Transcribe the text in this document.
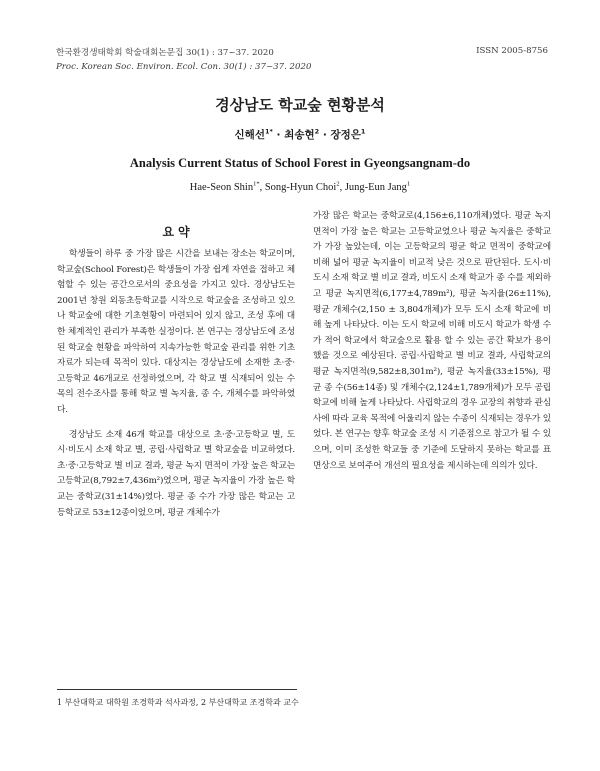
한국환경생태학회 학술대회논문집 30(1) : 37~37. 2020
Proc. Korean Soc. Environ. Ecol. Con. 30(1) : 37~37. 2020
ISSN 2005-8756
경상남도 학교숲 현황분석
신해선$^{1*}$ · 최송현$^2$ · 장정은$^1$
Analysis Current Status of School Forest in Gyeongsangnam-do
Hae-Seon Shin$^{1*}$, Song-Hyun Choi$^2$, Jung-Eun Jang$^1$
요 약

학생들이 하루 중 가장 많은 시간을 보내는 장소는 학교이며, 학교숲(School Forest)은 학생들이 가장 쉽게 자연을 접하고 체험할 수 있는 공간으로서의 중요성을 가지고 있다. 경상남도는 2001년 창원 외동초등학교를 시작으로 학교숲을 조성하고 있으나 학교숲에 대한 기초현황이 마련되어 있지 않고, 조성 후에 대한 체계적인 관리가 부족한 실정이다. 본 연구는 경상남도에 조성된 학교숲 현황을 파악하여 지속가능한 학교숲 관리를 위한 기초자료가 되는데 목적이 있다. 대상지는 경상남도에 소재한 초·중·고등학교 46개교로 선정하였으며, 각 학교 별 식재되어 있는 수목의 전수조사를 통해 학교 별 녹지율, 종 수, 개체수를 파악하였다.

경상남도 소재 46개 학교를 대상으로 초·중·고등학교 별, 도시·비도시 소재 학교 별, 공립·사립학교 별 학교숲을 비교하였다. 초·중·고등학교 별 비교 결과, 평균 녹지 면적이 가장 높은 학교는 고등학교(8,792±7,436m²)였으며, 평균 녹지율이 가장 높은 학교는 중학교(31±14%)였다. 평균 종 수가 가장 많은 학교는 고등학교로 53±12종이었으며, 평균 개체수가

가장 많은 학교는 중학교로(4,156±6,110개체)였다. 평균 녹지면적이 가장 높은 학교는 고등학교였으나 평균 녹지율은 중학교가 가장 높았는데, 이는 고등학교의 평균 학교 면적이 중학교에 비해 넓어 평균 녹지율이 비교적 낮은 것으로 판단된다. 도시·비도시 소재 학교 별 비교 결과, 비도시 소재 학교가 종 수를 제외하고 평균 녹지면적(6,177±4,789m²), 평균 녹지율(26±11%), 평균 개체수(2,150 ± 3,804개체)가 모두 도시 소재 학교에 비해 높게 나타났다. 이는 도시 학교에 비해 비도시 학교가 학생 수가 적어 학교에서 학교숲으로 활용 할 수 있는 공간 확보가 용이했을 것으로 예상된다. 공립·사립학교 별 비교 결과, 사립학교의 평균 녹지면적(9,582±8,301m²), 평균 녹지율(33±15%), 평균 종 수(56±14종) 및 개체수(2,124±1,789개체)가 모두 공립학교에 비해 높게 나타났다. 사립학교의 경우 교장의 취향과 관심사에 따라 교육 목적에 어울리지 않는 수종이 식재되는 경우가 있었다. 본 연구는 향후 학교숲 조성 시 기준점으로 참고가 될 수 있으며, 이미 조성한 학교들 중 기준에 도달하지 못하는 학교를 표면상으로 보여주어 개선의 필요성을 제시하는데 의의가 있다.

1 부산대학교 대학원 조경학과 석사과정, 2 부산대학교 조경학과 교수
